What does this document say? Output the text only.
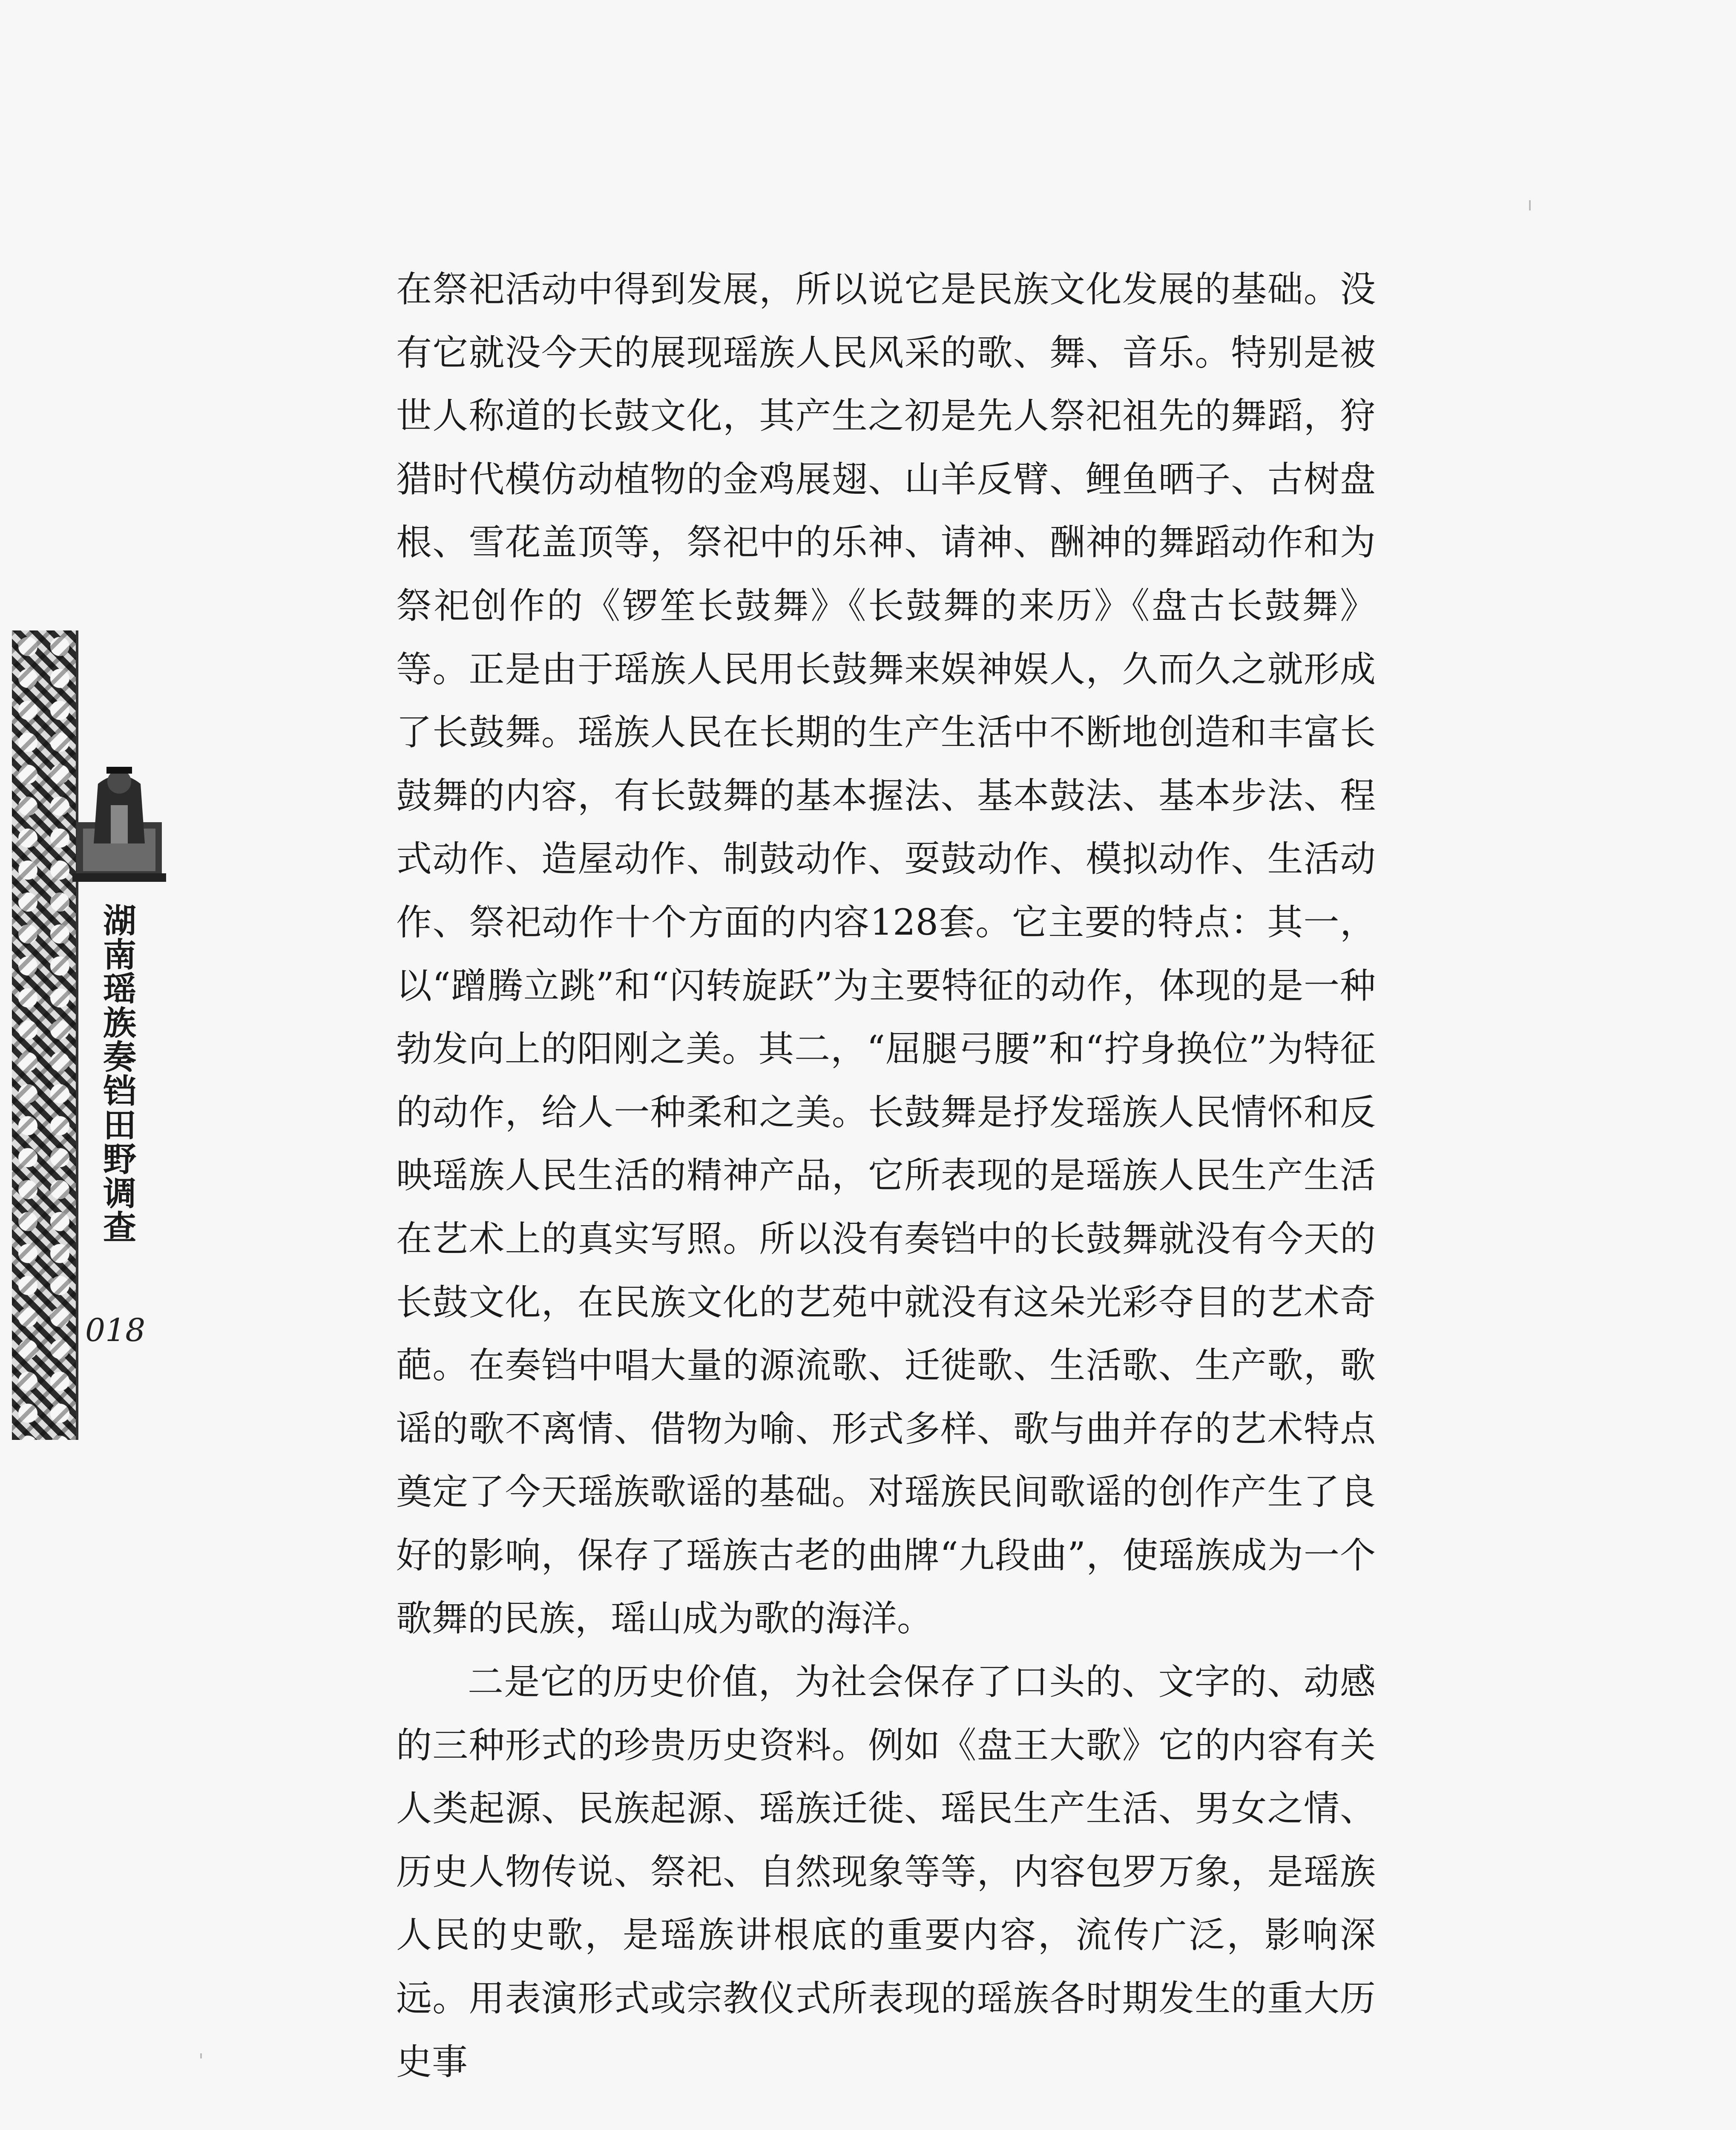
湖南瑶族奏铛田野调查
018

在祭祀活动中得到发展，所以说它是民族文化发展的基础。没有它就没今天的展现瑶族人民风采的歌、舞、音乐。特别是被世人称道的长鼓文化，其产生之初是先人祭祀祖先的舞蹈，狩猎时代模仿动植物的金鸡展翅、山羊反臂、鲤鱼晒子、古树盘根、雪花盖顶等，祭祀中的乐神、请神、酬神的舞蹈动作和为祭祀创作的《锣笙长鼓舞》《长鼓舞的来历》《盘古长鼓舞》等。正是由于瑶族人民用长鼓舞来娱神娱人，久而久之就形成了长鼓舞。瑶族人民在长期的生产生活中不断地创造和丰富长鼓舞的内容，有长鼓舞的基本握法、基本鼓法、基本步法、程式动作、造屋动作、制鼓动作、耍鼓动作、模拟动作、生活动作、祭祀动作十个方面的内容128套。它主要的特点：其一，以“蹭腾立跳”和“闪转旋跃”为主要特征的动作，体现的是一种勃发向上的阳刚之美。其二，“屈腿弓腰”和“拧身换位”为特征的动作，给人一种柔和之美。长鼓舞是抒发瑶族人民情怀和反映瑶族人民生活的精神产品，它所表现的是瑶族人民生产生活在艺术上的真实写照。所以没有奏铛中的长鼓舞就没有今天的长鼓文化，在民族文化的艺苑中就没有这朵光彩夺目的艺术奇葩。在奏铛中唱大量的源流歌、迁徙歌、生活歌、生产歌，歌谣的歌不离情、借物为喻、形式多样、歌与曲并存的艺术特点奠定了今天瑶族歌谣的基础。对瑶族民间歌谣的创作产生了良好的影响，保存了瑶族古老的曲牌“九段曲”，使瑶族成为一个歌舞的民族，瑶山成为歌的海洋。

二是它的历史价值，为社会保存了口头的、文字的、动感的三种形式的珍贵历史资料。例如《盘王大歌》它的内容有关人类起源、民族起源、瑶族迁徙、瑶民生产生活、男女之情、历史人物传说、祭祀、自然现象等等，内容包罗万象，是瑶族人民的史歌，是瑶族讲根底的重要内容，流传广泛，影响深远。用表演形式或宗教仪式所表现的瑶族各时期发生的重大历史事
